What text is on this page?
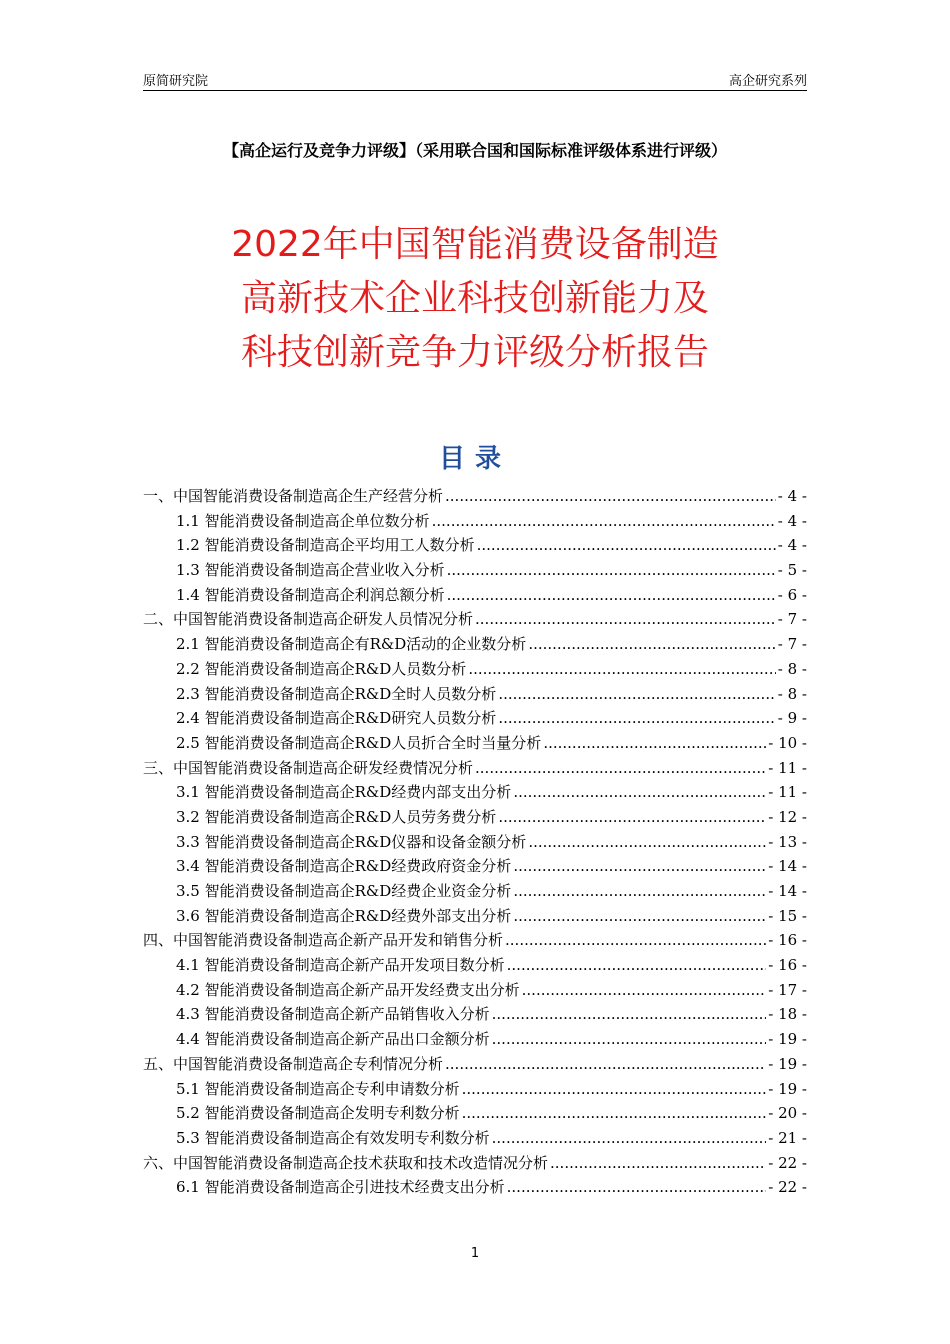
原简研究院	高企研究系列
【高企运行及竞争力评级】（采用联合国和国际标准评级体系进行评级）
2022年中国智能消费设备制造
高新技术企业科技创新能力及
科技创新竞争力评级分析报告
目录
一、中国智能消费设备制造高企生产经营分析 .....	- 4 -
1.1 智能消费设备制造高企单位数分析 .....	- 4 -
1.2 智能消费设备制造高企平均用工人数分析 .....	- 4 -
1.3 智能消费设备制造高企营业收入分析 .....	- 5 -
1.4 智能消费设备制造高企利润总额分析 .....	- 6 -
二、中国智能消费设备制造高企研发人员情况分析 .....	- 7 -
2.1 智能消费设备制造高企有R&D活动的企业数分析 .....	- 7 -
2.2 智能消费设备制造高企R&D人员数分析 .....	- 8 -
2.3 智能消费设备制造高企R&D全时人员数分析 .....	- 8 -
2.4 智能消费设备制造高企R&D研究人员数分析 .....	- 9 -
2.5 智能消费设备制造高企R&D人员折合全时当量分析 .....	- 10 -
三、中国智能消费设备制造高企研发经费情况分析 .....	- 11 -
3.1 智能消费设备制造高企R&D经费内部支出分析 .....	- 11 -
3.2 智能消费设备制造高企R&D人员劳务费分析 .....	- 12 -
3.3 智能消费设备制造高企R&D仪器和设备金额分析 .....	- 13 -
3.4 智能消费设备制造高企R&D经费政府资金分析 .....	- 14 -
3.5 智能消费设备制造高企R&D经费企业资金分析 .....	- 14 -
3.6 智能消费设备制造高企R&D经费外部支出分析 .....	- 15 -
四、中国智能消费设备制造高企新产品开发和销售分析 .....	- 16 -
4.1 智能消费设备制造高企新产品开发项目数分析 .....	- 16 -
4.2 智能消费设备制造高企新产品开发经费支出分析 .....	- 17 -
4.3 智能消费设备制造高企新产品销售收入分析 .....	- 18 -
4.4 智能消费设备制造高企新产品出口金额分析 .....	- 19 -
五、中国智能消费设备制造高企专利情况分析 .....	- 19 -
5.1 智能消费设备制造高企专利申请数分析 .....	- 19 -
5.2 智能消费设备制造高企发明专利数分析 .....	- 20 -
5.3 智能消费设备制造高企有效发明专利数分析 .....	- 21 -
六、中国智能消费设备制造高企技术获取和技术改造情况分析 .....	- 22 -
6.1 智能消费设备制造高企引进技术经费支出分析 .....	- 22 -
1
